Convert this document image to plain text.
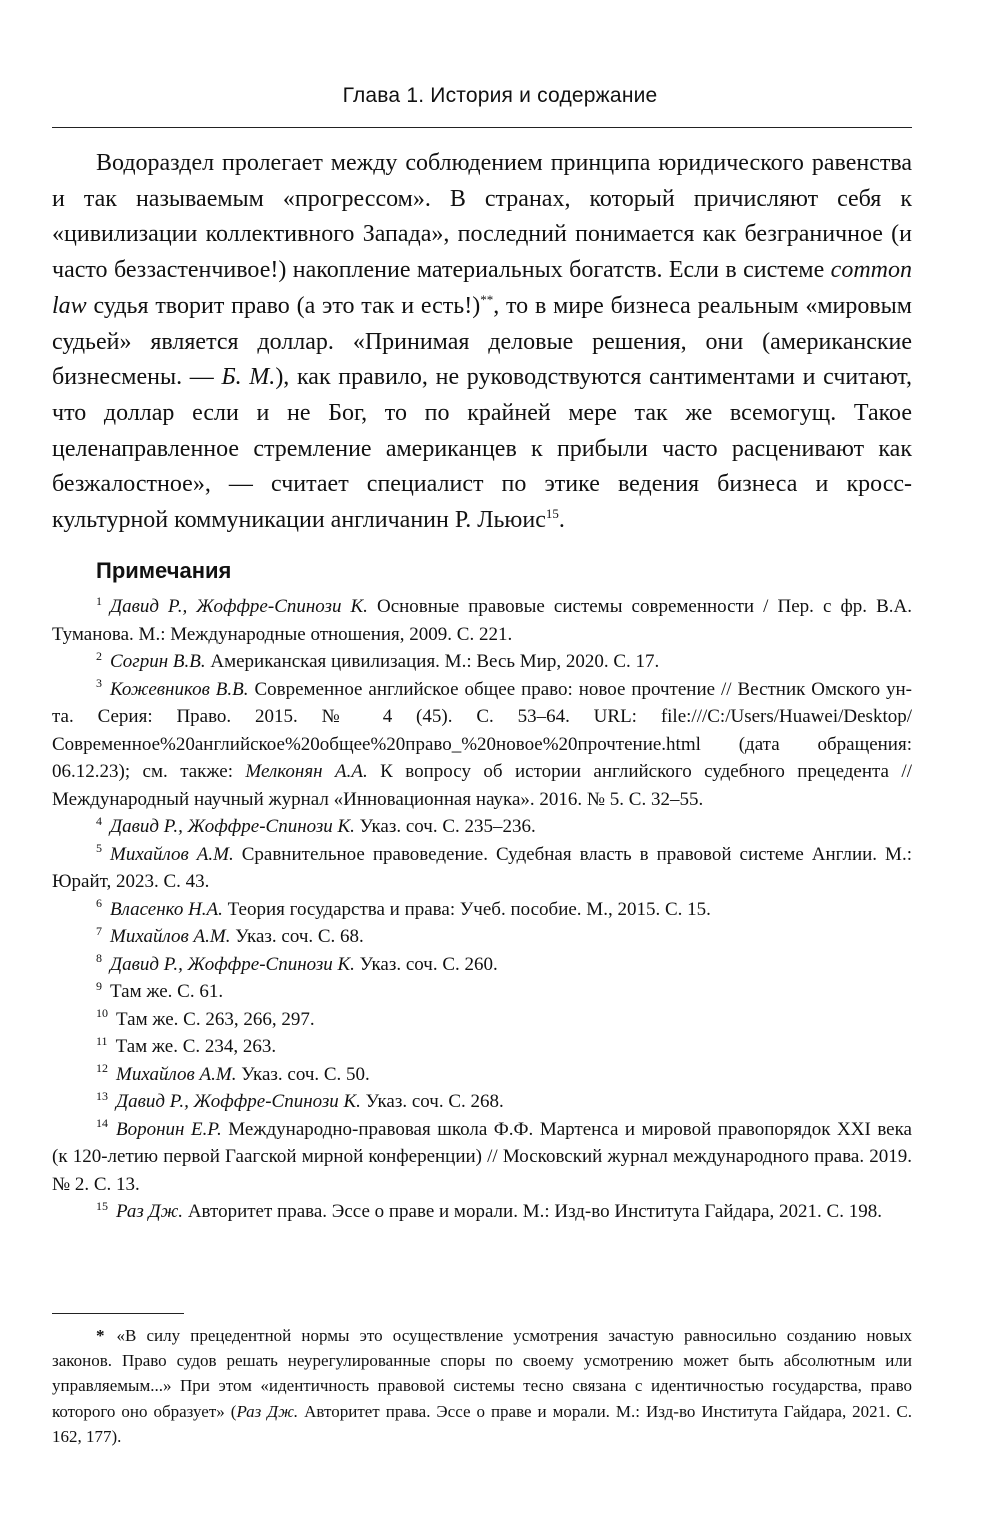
Глава 1. История и содержание

Водораздел пролегает между соблюдением принципа юридического равенства и так называемым «прогрессом». В странах, который причисляют себя к «цивилизации коллективного Запада», последний понимается как безграничное (и часто беззастенчивое!) накопление материальных богатств. Если в системе common law судья творит право (а это так и есть!)**, то в мире бизнеса реальным «мировым судьей» является доллар. «Принимая деловые решения, они (американские бизнесмены. — Б. М.), как правило, не руководствуются сантиментами и считают, что доллар если и не Бог, то по крайней мере так же всемогущ. Такое целенаправленное стремление американцев к прибыли часто расценивают как безжалостное», — считает специалист по этике ведения бизнеса и кросс-культурной коммуникации англичанин Р. Льюис$^{15}$.

Примечания
$^1$ Давид Р., Жоффре-Спинози К. Основные правовые системы современности / Пер. с фр. В.А. Туманова. М.: Международные отношения, 2009. С. 221.
$^2$ Согрин В.В. Американская цивилизация. М.: Весь Мир, 2020. С. 17.
$^3$ Кожевников В.В. Современное английское общее право: новое прочтение // Вестник Омского ун-та. Серия: Право. 2015. № 4 (45). С. 53–64. URL: file:///C:/Users/Huawei/Desktop/Современное%20английское%20общее%20право_%20новое%20прочтение.html (дата обращения: 06.12.23); см. также: Мелконян А.А. К вопросу об истории английского судебного прецедента // Международный научный журнал «Инновационная наука». 2016. № 5. С. 32–55.
$^4$ Давид Р., Жоффре-Спинози К. Указ. соч. С. 235–236.
$^5$ Михайлов А.М. Сравнительное правоведение. Судебная власть в правовой системе Англии. М.: Юрайт, 2023. С. 43.
$^6$ Власенко Н.А. Теория государства и права: Учеб. пособие. М., 2015. С. 15.
$^7$ Михайлов А.М. Указ. соч. С. 68.
$^8$ Давид Р., Жоффре-Спинози К. Указ. соч. С. 260.
$^9$ Там же. С. 61.
$^{10}$ Там же. С. 263, 266, 297.
$^{11}$ Там же. С. 234, 263.
$^{12}$ Михайлов А.М. Указ. соч. С. 50.
$^{13}$ Давид Р., Жоффре-Спинози К. Указ. соч. С. 268.
$^{14}$ Воронин Е.Р. Международно-правовая школа Ф.Ф. Мартенса и мировой правопорядок XXI века (к 120-летию первой Гаагской мирной конференции) // Московский журнал международного права. 2019. № 2. С. 13.
$^{15}$ Раз Дж. Авторитет права. Эссе о праве и морали. М.: Изд-во Института Гайдара, 2021. С. 198.

* «В силу прецедентной нормы это осуществление усмотрения зачастую равносильно созданию новых законов. Право судов решать неурегулированные споры по своему усмотрению может быть абсолютным или управляемым...» При этом «идентичность правовой системы тесно связана с идентичностью государства, право которого оно образует» (Раз Дж. Авторитет права. Эссе о праве и морали. М.: Изд-во Института Гайдара, 2021. С. 162, 177).
